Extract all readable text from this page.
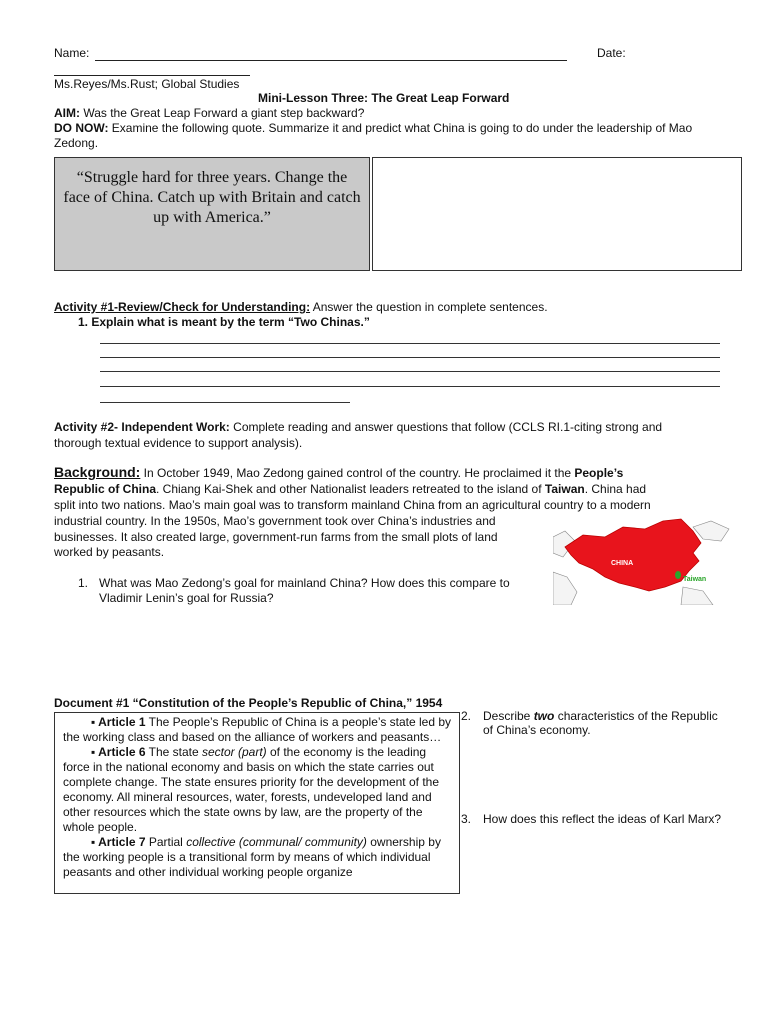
Name:	Date:
Ms.Reyes/Ms.Rust; Global Studies
Mini-Lesson Three: The Great Leap Forward
AIM: Was the Great Leap Forward a giant step backward?
DO NOW: Examine the following quote. Summarize it and predict what China is going to do under the leadership of Mao
Zedong.
“Struggle hard for three years. Change the face of China. Catch up with Britain and catch up with America.”
Activity #1-Review/Check for Understanding: Answer the question in complete sentences.
1. Explain what is meant by the term “Two Chinas.”
Activity #2- Independent Work: Complete reading and answer questions that follow (CCLS RI.1-citing strong and
thorough textual evidence to support analysis).
Background: In October 1949, Mao Zedong gained control of the country. He proclaimed it the People’s
Republic of China. Chiang Kai-Shek and other Nationalist leaders retreated to the island of Taiwan. China had
split into two nations. Mao’s main goal was to transform mainland China from an agricultural country to a modern
industrial country. In the 1950s, Mao’s government took over China’s industries and
businesses. It also created large, government-run farms from the small plots of land
worked by peasants.
1. What was Mao Zedong’s goal for mainland China? How does this compare to
Vladimir Lenin’s goal for Russia?
CHINA
Taiwan
Document #1 “Constitution of the People’s Republic of China,” 1954

▪ Article 1 The People’s Republic of China is a people’s state led by the working class and based on the alliance of workers and peasants…

▪ Article 6 The state sector (part) of the economy is the leading force in the national economy and basis on which the state carries out complete change. The state ensures priority for the development of the economy. All mineral resources, water, forests, undeveloped land and other resources which the state owns by law, are the property of the whole people.

▪ Article 7 Partial collective (communal/ community) ownership by the working people is a transitional form by means of which individual peasants and other individual working people organize

2. Describe two characteristics of the Republic
of China’s economy.
3. How does this reflect the ideas of Karl Marx?
